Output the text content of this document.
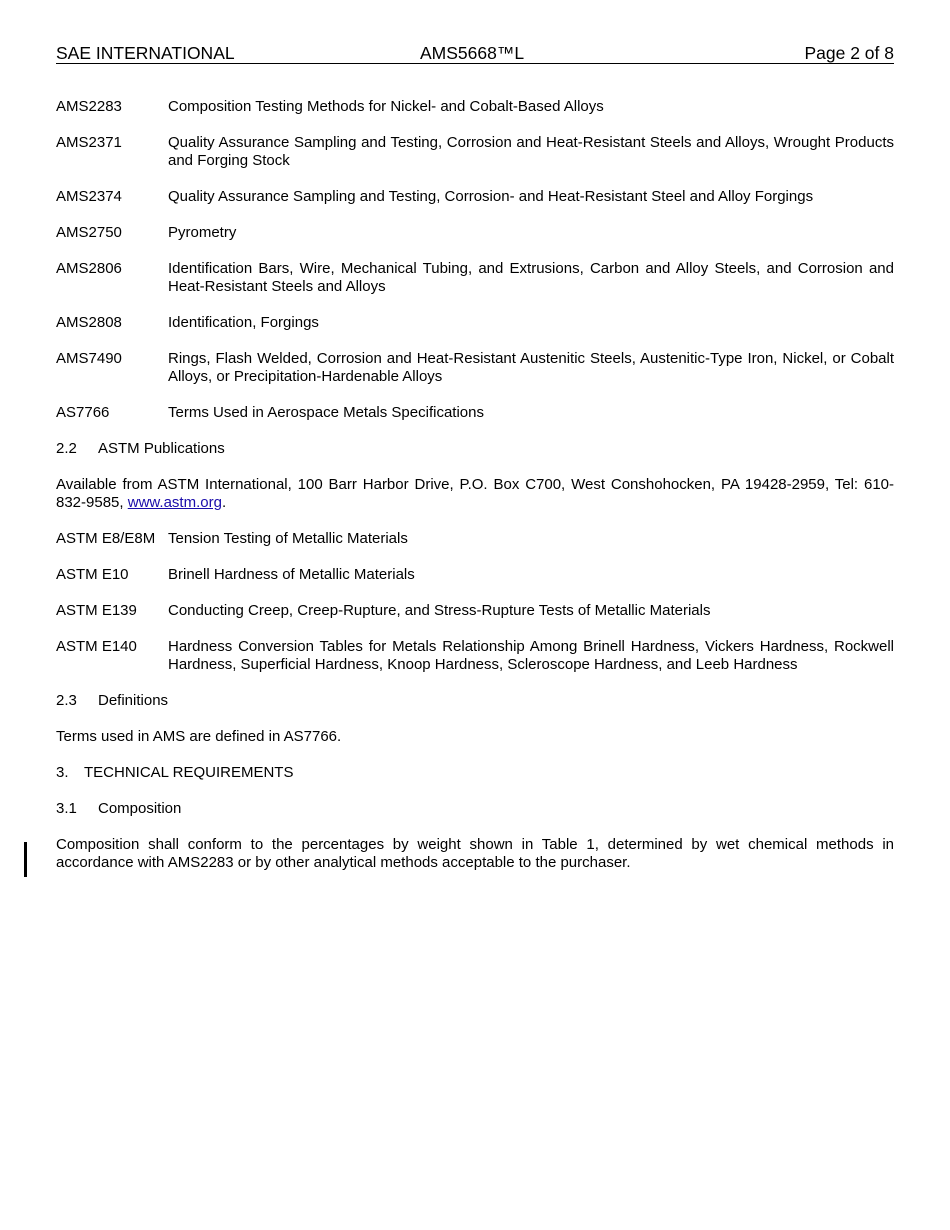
SAE INTERNATIONAL	AMS5668™L	Page 2 of 8
AMS2283	Composition Testing Methods for Nickel- and Cobalt-Based Alloys
AMS2371	Quality Assurance Sampling and Testing, Corrosion and Heat-Resistant Steels and Alloys, Wrought Products and Forging Stock
AMS2374	Quality Assurance Sampling and Testing, Corrosion- and Heat-Resistant Steel and Alloy Forgings
AMS2750	Pyrometry
AMS2806	Identification Bars, Wire, Mechanical Tubing, and Extrusions, Carbon and Alloy Steels, and Corrosion and Heat-Resistant Steels and Alloys
AMS2808	Identification, Forgings
AMS7490	Rings, Flash Welded, Corrosion and Heat-Resistant Austenitic Steels, Austenitic-Type Iron, Nickel, or Cobalt Alloys, or Precipitation-Hardenable Alloys
AS7766	Terms Used in Aerospace Metals Specifications
2.2 ASTM Publications
Available from ASTM International, 100 Barr Harbor Drive, P.O. Box C700, West Conshohocken, PA 19428-2959, Tel: 610-832-9585, www.astm.org.
ASTM E8/E8M Tension Testing of Metallic Materials
ASTM E10	Brinell Hardness of Metallic Materials
ASTM E139	Conducting Creep, Creep-Rupture, and Stress-Rupture Tests of Metallic Materials
ASTM E140	Hardness Conversion Tables for Metals Relationship Among Brinell Hardness, Vickers Hardness, Rockwell Hardness, Superficial Hardness, Knoop Hardness, Scleroscope Hardness, and Leeb Hardness
2.3 Definitions
Terms used in AMS are defined in AS7766.
3. TECHNICAL REQUIREMENTS
3.1 Composition
Composition shall conform to the percentages by weight shown in Table 1, determined by wet chemical methods in accordance with AMS2283 or by other analytical methods acceptable to the purchaser.
